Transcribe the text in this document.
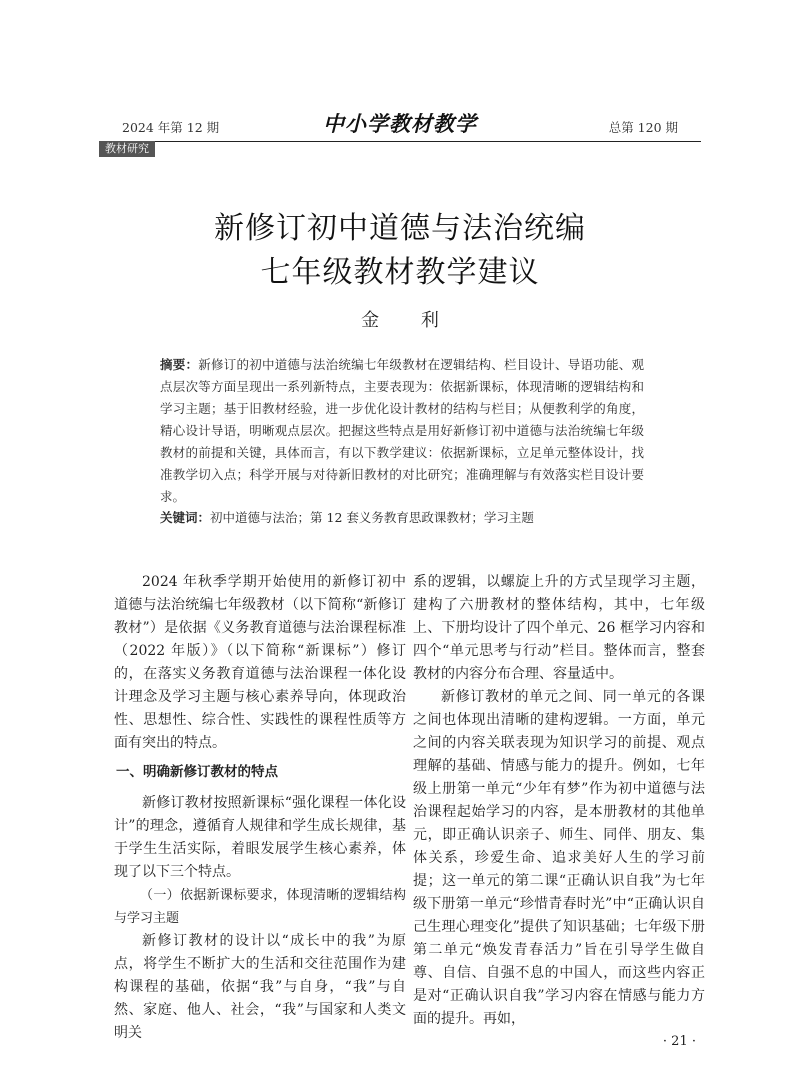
2024 年第 12 期	中小学教材教学	总第 120 期
教材研究
新修订初中道德与法治统编
七年级教材教学建议
金 利
摘要：新修订的初中道德与法治统编七年级教材在逻辑结构、栏目设计、导语功能、观点层次等方面呈现出一系列新特点，主要表现为：依据新课标，体现清晰的逻辑结构和学习主题；基于旧教材经验，进一步优化设计教材的结构与栏目；从便教利学的角度，精心设计导语，明晰观点层次。把握这些特点是用好新修订初中道德与法治统编七年级教材的前提和关键，具体而言，有以下教学建议：依据新课标，立足单元整体设计，找准教学切入点；科学开展与对待新旧教材的对比研究；准确理解与有效落实栏目设计要求。
关键词：初中道德与法治；第 12 套义务教育思政课教材；学习主题

2024 年秋季学期开始使用的新修订初中道德与法治统编七年级教材（以下简称“新修订教材”）是依据《义务教育道德与法治课程标准（2022 年版）》（以下简称“新课标”）修订的，在落实义务教育道德与法治课程一体化设计理念及学习主题与核心素养导向，体现政治性、思想性、综合性、实践性的课程性质等方面有突出的特点。

一、明确新修订教材的特点

新修订教材按照新课标“强化课程一体化设计”的理念，遵循育人规律和学生成长规律，基于学生生活实际，着眼发展学生核心素养，体现了以下三个特点。

（一）依据新课标要求，体现清晰的逻辑结构与学习主题

新修订教材的设计以“成长中的我”为原点，将学生不断扩大的生活和交往范围作为建构课程的基础，依据“我”与自身，“我”与自然、家庭、他人、社会，“我”与国家和人类文明关

系的逻辑，以螺旋上升的方式呈现学习主题，建构了六册教材的整体结构，其中，七年级上、下册均设计了四个单元、26 框学习内容和四个“单元思考与行动”栏目。整体而言，整套教材的内容分布合理、容量适中。

新修订教材的单元之间、同一单元的各课之间也体现出清晰的建构逻辑。一方面，单元之间的内容关联表现为知识学习的前提、观点理解的基础、情感与能力的提升。例如，七年级上册第一单元“少年有梦”作为初中道德与法治课程起始学习的内容，是本册教材的其他单元，即正确认识亲子、师生、同伴、朋友、集体关系，珍爱生命、追求美好人生的学习前提；这一单元的第二课“正确认识自我”为七年级下册第一单元“珍惜青春时光”中“正确认识自己生理心理变化”提供了知识基础；七年级下册第二单元“焕发青春活力”旨在引导学生做自尊、自信、自强不息的中国人，而这些内容正是对“正确认识自我”学习内容在情感与能力方面的提升。再如，

· 21 ·
